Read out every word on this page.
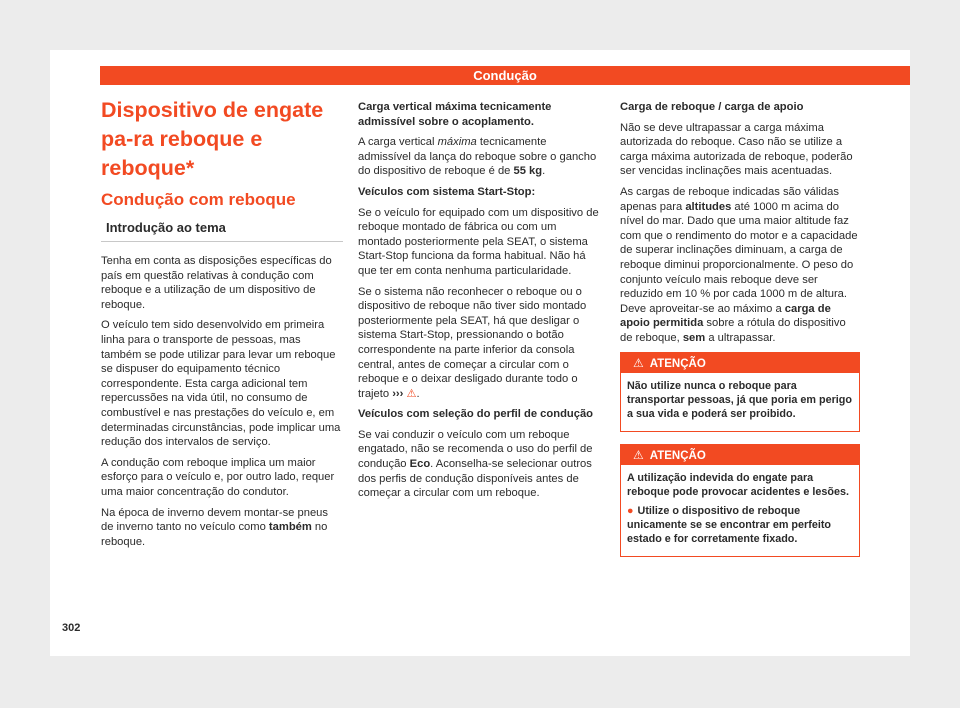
Condução
Dispositivo de engate pa-ra reboque e reboque*
Condução com reboque
Introdução ao tema

Tenha em conta as disposições específicas do país em questão relativas à condução com reboque e a utilização de um dispositivo de reboque.

O veículo tem sido desenvolvido em primeira linha para o transporte de pessoas, mas também se pode utilizar para levar um reboque se dispuser do equipamento técnico correspondente. Esta carga adicional tem repercussões na vida útil, no consumo de combustível e nas prestações do veículo e, em determinadas circunstâncias, pode implicar uma redução dos intervalos de serviço.

A condução com reboque implica um maior esforço para o veículo e, por outro lado, requer uma maior concentração do condutor.

Na época de inverno devem montar-se pneus de inverno tanto no veículo como também no reboque.

Carga vertical máxima tecnicamente admissível sobre o acoplamento.

A carga vertical máxima tecnicamente admissível da lança do reboque sobre o gancho do dispositivo de reboque é de 55 kg.

Veículos com sistema Start-Stop:

Se o veículo for equipado com um dispositivo de reboque montado de fábrica ou com um montado posteriormente pela SEAT, o sistema Start-Stop funciona da forma habitual. Não há que ter em conta nenhuma particularidade.

Se o sistema não reconhecer o reboque ou o dispositivo de reboque não tiver sido montado posteriormente pela SEAT, há que desligar o sistema Start-Stop, pressionando o botão correspondente na parte inferior da consola central, antes de começar a circular com o reboque e o deixar desligado durante todo o trajeto ››› ⚠.

Veículos com seleção do perfil de condução

Se vai conduzir o veículo com um reboque engatado, não se recomenda o uso do perfil de condução Eco. Aconselha-se selecionar outros dos perfis de condução disponíveis antes de começar a circular com um reboque.

Carga de reboque / carga de apoio

Não se deve ultrapassar a carga máxima autorizada do reboque. Caso não se utilize a carga máxima autorizada de reboque, poderão ser vencidas inclinações mais acentuadas.

As cargas de reboque indicadas são válidas apenas para altitudes até 1000 m acima do nível do mar. Dado que uma maior altitude faz com que o rendimento do motor e a capacidade de superar inclinações diminuam, a carga de reboque diminui proporcionalmente. O peso do conjunto veículo mais reboque deve ser reduzido em 10 % por cada 1000 m de altura. Deve aproveitar-se ao máximo a carga de apoio permitida sobre a rótula do dispositivo de reboque, sem a ultrapassar.

⚠ ATENÇÃO

Não utilize nunca o reboque para transportar pessoas, já que poria em perigo a sua vida e poderá ser proibido.

⚠ ATENÇÃO

A utilização indevida do engate para reboque pode provocar acidentes e lesões.

● Utilize o dispositivo de reboque unicamente se se encontrar em perfeito estado e for corretamente fixado.

302
